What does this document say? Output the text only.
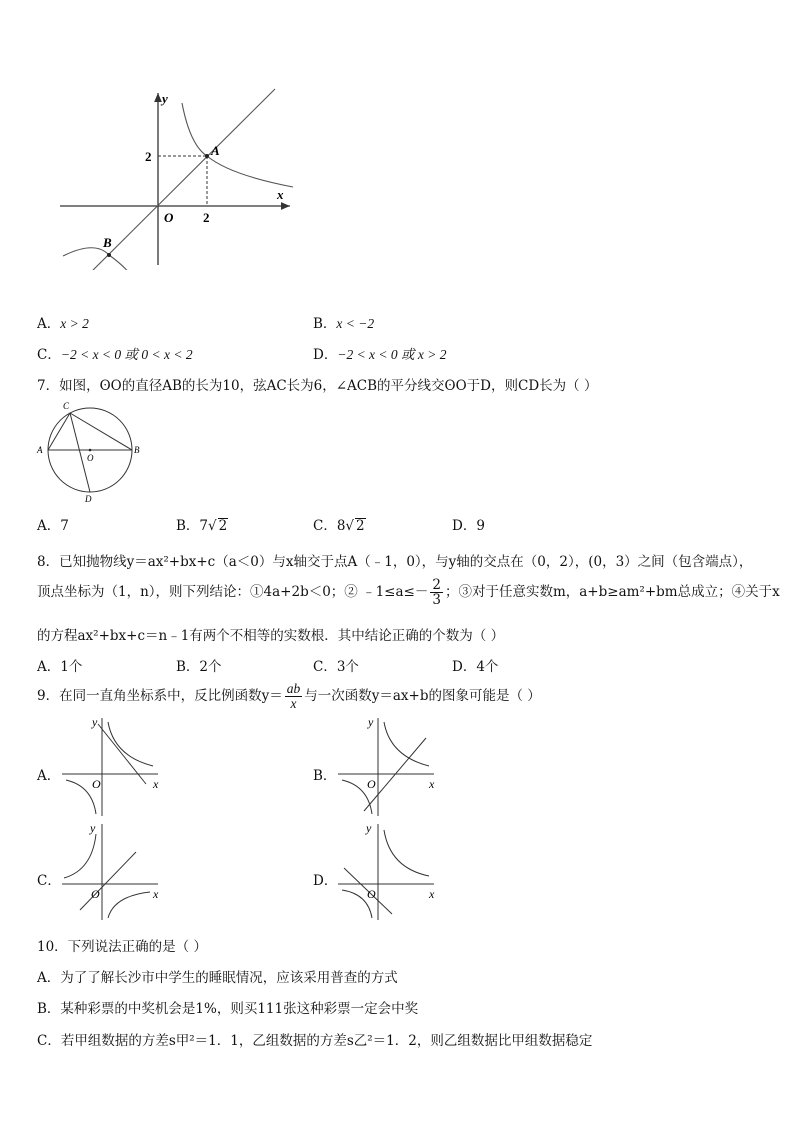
y
x
O
2
2
A
B
A．x > 2	B．x < −2
C．−2 < x < 0 或 0 < x < 2	D．−2 < x < 0 或 x > 2
7．如图，ʘO的直径AB的长为10，弦AC长为6，∠ACB的平分线交ʘO于D，则CD长为（ ）
C
A
O
B
D
A．7	B．7√ 2	C．8√ 2	D．9
8．已知抛物线y＝ax²+bx+c（a＜0）与x轴交于点A（﹣1，0），与y轴的交点在（0，2），(0，3）之间（包含端点），
顶点坐标为（1，n），则下列结论：①4a+2b＜0；② ﹣1≤a≤－ $\frac{2}{3}$ ；③对于任意实数m，a+b≥am²+bm总成立；④关于x
的方程ax²+bx+c＝n﹣1有两个不相等的实数根．其中结论正确的个数为（ ）
A．1个	B．2个	C．3个	D．4个
9．在同一直角坐标系中，反比例函数$y= \frac{ab}{x}$ 与一次函数y＝ax+b的图象可能是（ ）
A．
y
x
O	B．
y
x
O
C．
y
x
O
D．
y
x
O
10．下列说法正确的是（ ）
A．为了了解长沙市中学生的睡眠情况，应该采用普查的方式
B．某种彩票的中奖机会是1%，则买111张这种彩票一定会中奖
C．若甲组数据的方差s甲²＝1．1，乙组数据的方差s乙²＝1．2，则乙组数据比甲组数据稳定
